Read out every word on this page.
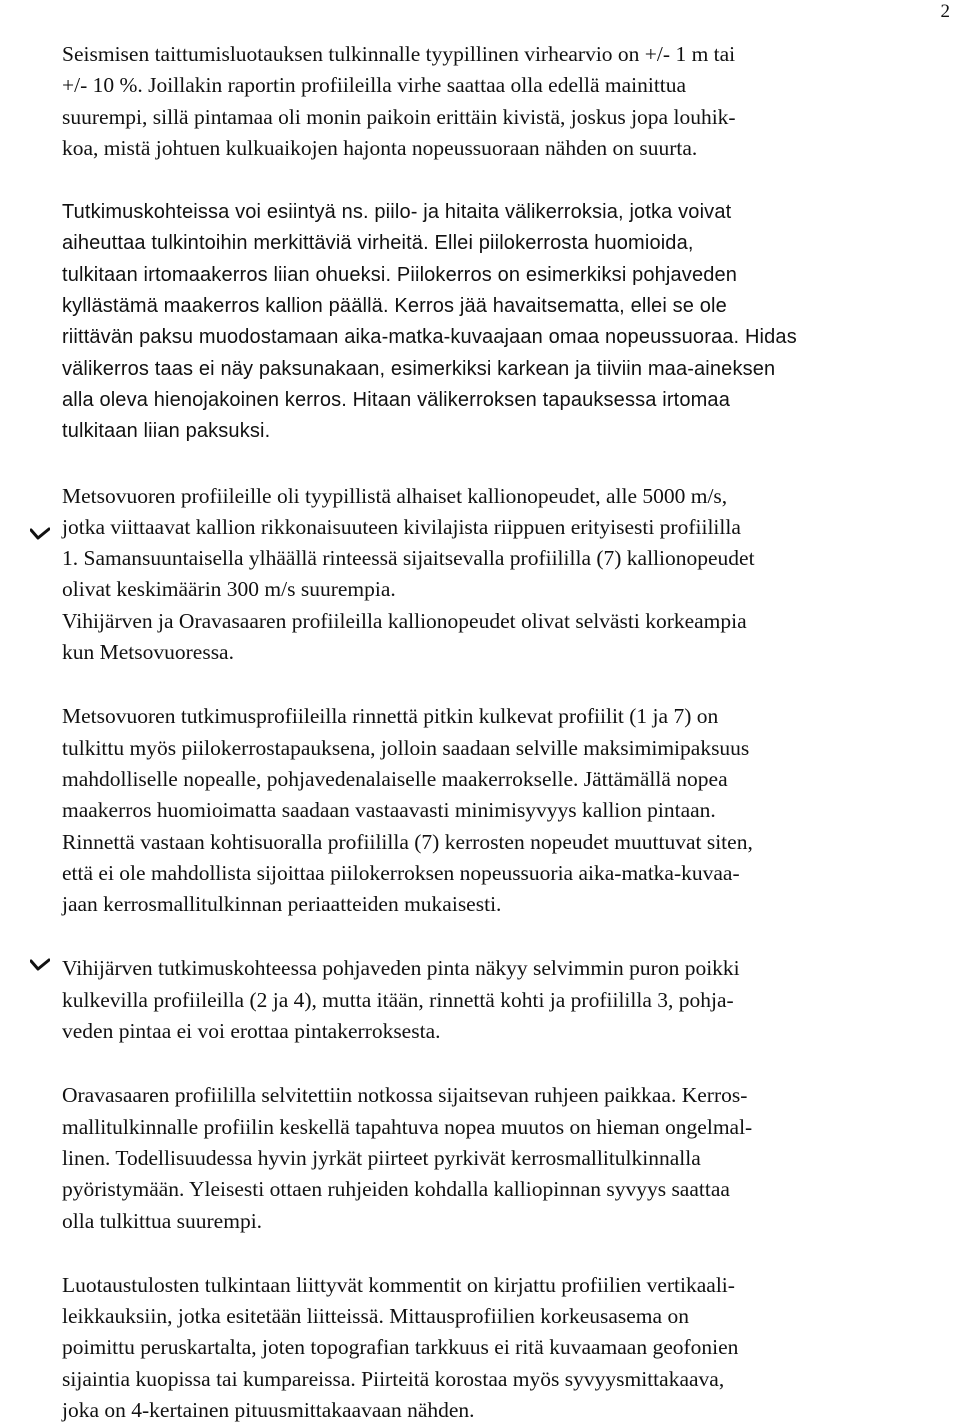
2

Seismisen taittumisluotauksen tulkinnalle tyypillinen virhearvio on +/- 1 m tai
+/- 10 %. Joillakin raportin profiileilla virhe saattaa olla edellä mainittua
suurempi, sillä pintamaa oli monin paikoin erittäin kivistä, joskus jopa louhik-
koa, mistä johtuen kulkuaikojen hajonta nopeussuoraan nähden on suurta.

Tutkimuskohteissa voi esiintyä ns. piilo- ja hitaita välikerroksia, jotka voivat
aiheuttaa tulkintoihin merkittäviä virheitä. Ellei piilokerrosta huomioida,
tulkitaan irtomaakerros liian ohueksi. Piilokerros on esimerkiksi pohjaveden
kyllästämä maakerros kallion päällä. Kerros jää havaitsematta, ellei se ole
riittävän paksu muodostamaan aika-matka-kuvaajaan omaa nopeussuoraa. Hidas
välikerros taas ei näy paksunakaan, esimerkiksi karkean ja tiiviin maa-aineksen
alla oleva hienojakoinen kerros. Hitaan välikerroksen tapauksessa irtomaa
tulkitaan liian paksuksi.

Metsovuoren profiileille oli tyypillistä alhaiset kallionopeudet, alle 5000 m/s,
jotka viittaavat kallion rikkonaisuuteen kivilajista riippuen erityisesti profiililla
1. Samansuuntaisella ylhäällä rinteessä sijaitsevalla profiililla (7) kallionopeudet
olivat keskimäärin 300 m/s suurempia.

Vihijärven ja Oravasaaren profiileilla kallionopeudet olivat selvästi korkeampia
kun Metsovuoressa.

Metsovuoren tutkimusprofiileilla rinnettä pitkin kulkevat profiilit (1 ja 7) on
tulkittu myös piilokerrostapauksena, jolloin saadaan selville maksimimipaksuus
mahdolliselle nopealle, pohjavedenalaiselle maakerrokselle. Jättämällä nopea
maakerros huomioimatta saadaan vastaavasti minimisyvyys kallion pintaan.
Rinnettä vastaan kohtisuoralla profiililla (7) kerrosten nopeudet muuttuvat siten,
että ei ole mahdollista sijoittaa piilokerroksen nopeussuoria aika-matka-kuvaa-
jaan kerrosmallitulkinnan periaatteiden mukaisesti.

Vihijärven tutkimuskohteessa pohjaveden pinta näkyy selvimmin puron poikki
kulkevilla profiileilla (2 ja 4), mutta itään, rinnettä kohti ja profiililla 3, pohja-
veden pintaa ei voi erottaa pintakerroksesta.

Oravasaaren profiililla selvitettiin notkossa sijaitsevan ruhjeen paikkaa. Kerros-
mallitulkinnalle profiilin keskellä tapahtuva nopea muutos on hieman ongelmal-
linen. Todellisuudessa hyvin jyrkät piirteet pyrkivät kerrosmallitulkinnalla
pyöristymään. Yleisesti ottaen ruhjeiden kohdalla kalliopinnan syvyys saattaa
olla tulkittua suurempi.

Luotaustulosten tulkintaan liittyvät kommentit on kirjattu profiilien vertikaali-
leikkauksiin, jotka esitetään liitteissä. Mittausprofiilien korkeusasema on
poimittu peruskartalta, joten topografian tarkkuus ei ritä kuvaamaan geofonien
sijaintia kuopissa tai kumpareissa. Piirteitä korostaa myös syvyysmittakaava,
joka on 4-kertainen pituusmittakaavaan nähden.
